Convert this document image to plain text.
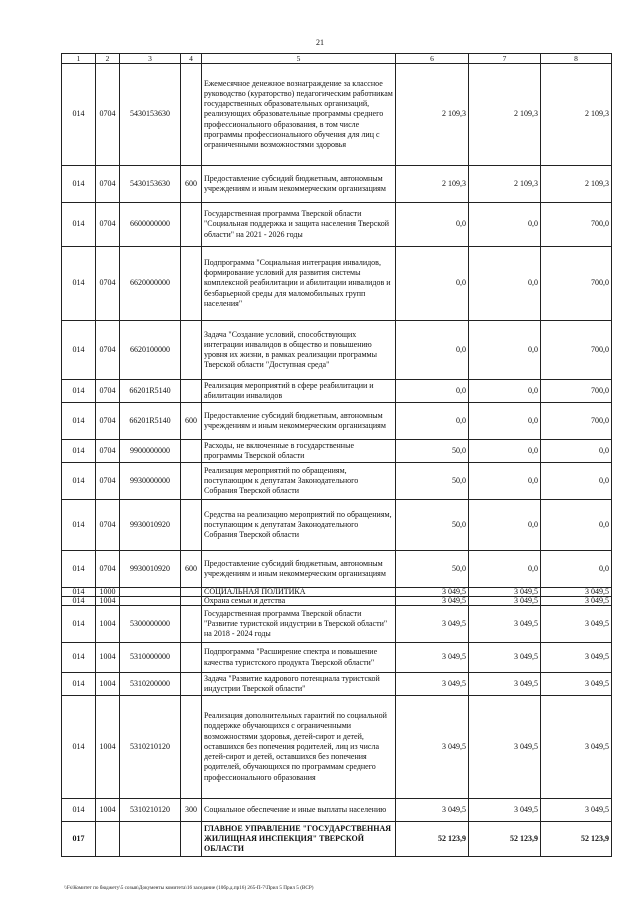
21
1	2	3	4	5	6	7	8
014	0704	5430153630		Ежемесячное денежное вознаграждение за классное руководство (кураторство) педагогическим работникам государственных образовательных организаций, реализующих образовательные программы среднего профессионального образования, в том числе программы профессионального обучения для лиц с ограниченными возможностями здоровья	2 109,3	2 109,3	2 109,3
014	0704	5430153630	600	Предоставление субсидий бюджетным, автономным учреждениям и иным некоммерческим организациям	2 109,3	2 109,3	2 109,3
014	0704	6600000000		Государственная программа Тверской области "Социальная поддержка и защита населения Тверской области" на 2021 - 2026 годы	0,0	0,0	700,0
014	0704	6620000000		Подпрограмма "Социальная интеграция инвалидов, формирование условий для развития системы комплексной реабилитации и абилитации инвалидов и безбарьерной среды для маломобильных групп населения"	0,0	0,0	700,0
014	0704	6620100000		Задача "Создание условий, способствующих интеграции инвалидов в общество и повышению уровня их жизни, в рамках реализации программы Тверской области "Доступная среда"	0,0	0,0	700,0
014	0704	66201R5140		Реализация мероприятий в сфере реабилитации и абилитации инвалидов	0,0	0,0	700,0
014	0704	66201R5140	600	Предоставление субсидий бюджетным, автономным учреждениям и иным некоммерческим организациям	0,0	0,0	700,0
014	0704	9900000000		Расходы, не включенные в государственные программы Тверской области	50,0	0,0	0,0
014	0704	9930000000		Реализация мероприятий по обращениям, поступающим к депутатам Законодательного Собрания Тверской области	50,0	0,0	0,0
014	0704	9930010920		Средства на реализацию мероприятий по обращениям, поступающим к депутатам Законодательного Собрания Тверской области	50,0	0,0	0,0
014	0704	9930010920	600	Предоставление субсидий бюджетным, автономным учреждениям и иным некоммерческим организациям	50,0	0,0	0,0
014	1000			СОЦИАЛЬНАЯ ПОЛИТИКА	3 049,5	3 049,5	3 049,5
014	1004			Охрана семьи и детства	3 049,5	3 049,5	3 049,5
014	1004	5300000000		Государственная программа Тверской области "Развитие туристской индустрии в Тверской области" на 2018 - 2024 годы	3 049,5	3 049,5	3 049,5
014	1004	5310000000		Подпрограмма "Расширение спектра и повышение качества туристского продукта Тверской области"	3 049,5	3 049,5	3 049,5
014	1004	5310200000		Задача "Развитие кадрового потенциала туристской индустрии Тверской области"	3 049,5	3 049,5	3 049,5
014	1004	5310210120		Реализация дополнительных гарантий по социальной поддержке обучающихся с ограниченными возможностями здоровья, детей-сирот и детей, оставшихся без попечения родителей, лиц из числа детей-сирот и детей, оставшихся без попечения родителей, обучающихся по программам среднего профессионального образования	3 049,5	3 049,5	3 049,5
014	1004	5310210120	300	Социальное обеспечение и иные выплаты населению	3 049,5	3 049,5	3 049,5
017				ГЛАВНОЕ УПРАВЛЕНИЕ "ГОСУДАРСТВЕННАЯ ЖИЛИЩНАЯ ИНСПЕКЦИЯ" ТВЕРСКОЙ ОБЛАСТИ	52 123,9	52 123,9	52 123,9
\\Fs\Комитет по бюджету\5 созыв\Документы комитета\16 заседание (10бр.д.пр16) 265-П-7\Прил 5 Прил 5 (ВСР)
